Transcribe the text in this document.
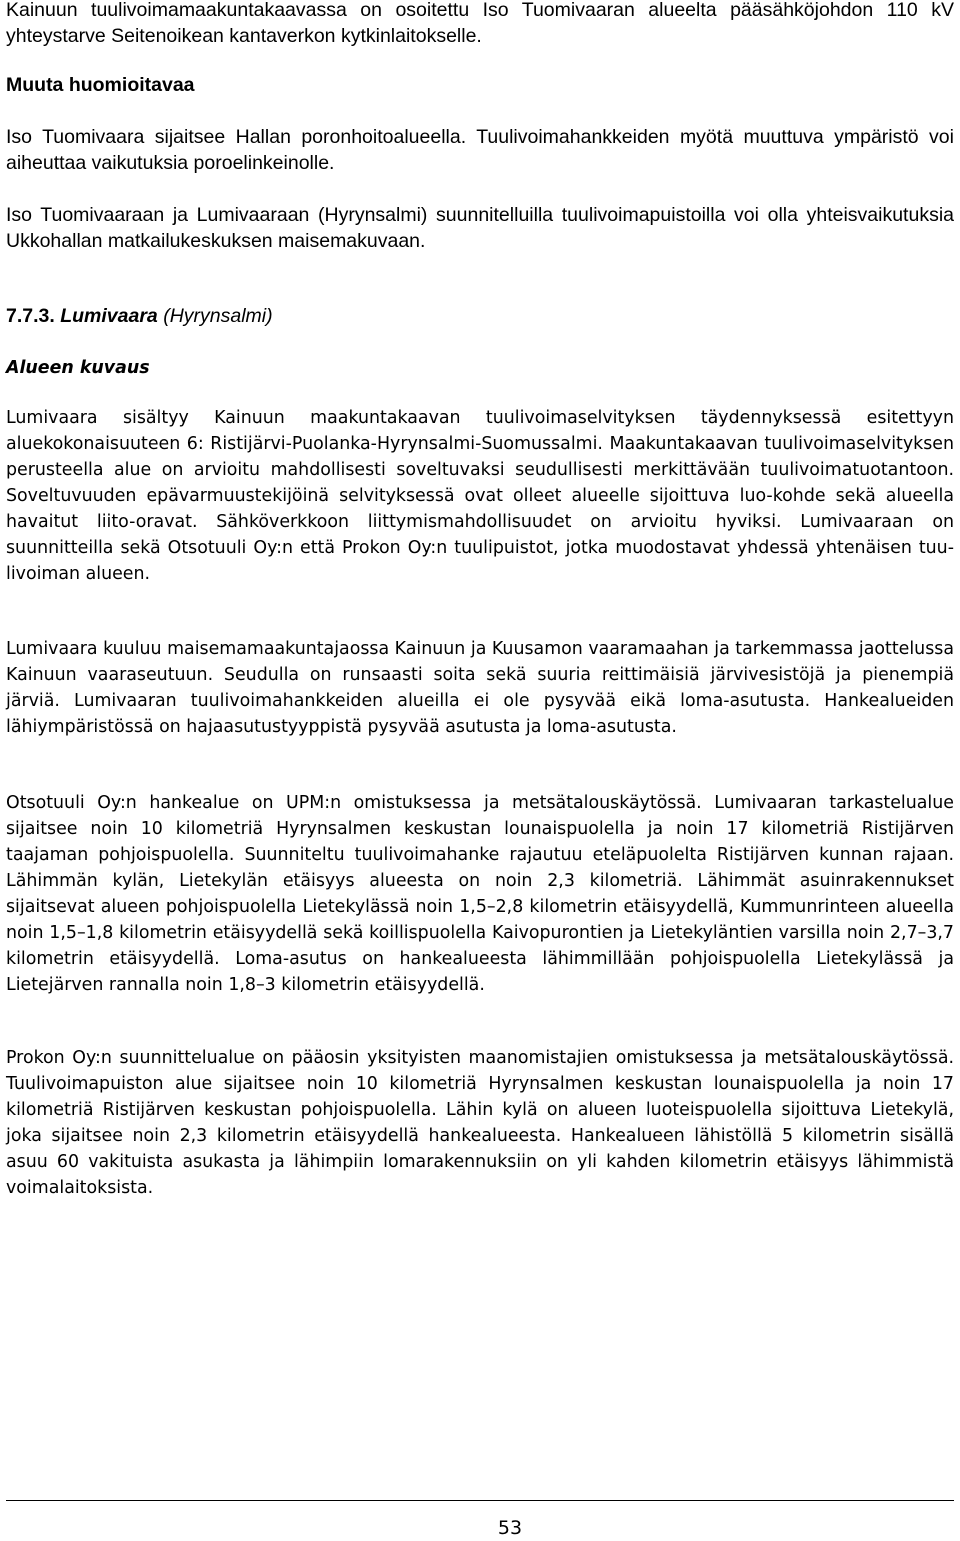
Kainuun tuulivoimamaakuntakaavassa on osoitettu Iso Tuomivaaran alueelta pääsähköjohdon 110 kV yhteystarve Seitenoikean kantaverkon kytkinlaitokselle.

Muuta huomioitavaa

Iso Tuomivaara sijaitsee Hallan poronhoitoalueella. Tuulivoimahankkeiden myötä muuttuva ympäristö voi aiheuttaa vaikutuksia poroelinkeinolle.

Iso Tuomivaaraan ja Lumivaaraan (Hyrynsalmi) suunnitelluilla tuulivoimapuistoilla voi olla yhteisvaikutuksia Ukkohallan matkailukeskuksen maisemakuvaan.

7.7.3. Lumivaara (Hyrynsalmi)

Alueen kuvaus

Lumivaara sisältyy Kainuun maakuntakaavan tuulivoimaselvityksen täydennyksessä esitettyyn aluekokonaisuuteen 6: Ristijärvi-Puolanka-Hyrynsalmi-Suomussalmi. Maakuntakaavan tuulivoimaselvityksen perusteella alue on arvioitu mahdollisesti soveltuvaksi seudullisesti merkittävään tuulivoimatuotantoon. Soveltuvuuden epävarmuustekijöinä selvityksessä ovat olleet alueelle sijoittuva luo-kohde sekä alueella havaitut liito-oravat. Sähköverkkoon liittymismahdollisuudet on arvioitu hyviksi. Lumivaaraan on suunnitteilla sekä Otsotuuli Oy:n että Prokon Oy:n tuulipuistot, jotka muodostavat yhdessä yhtenäisen tuulivoiman alueen.

Lumivaara kuuluu maisemamaakuntajaossa Kainuun ja Kuusamon vaaramaahan ja tarkemmassa jaottelussa Kainuun vaaraseutuun. Seudulla on runsaasti soita sekä suuria reittimäisiä järvivesistöjä ja pienempiä järviä. Lumivaaran tuulivoimahankkeiden alueilla ei ole pysyvää eikä loma-asutusta. Hankealueiden lähiympäristössä on hajaasutustyyppistä pysyvää asutusta ja loma-asutusta.

Otsotuuli Oy:n hankealue on UPM:n omistuksessa ja metsätalouskäytössä. Lumivaaran tarkastelualue sijaitsee noin 10 kilometriä Hyrynsalmen keskustan lounaispuolella ja noin 17 kilometriä Ristijärven taajaman pohjoispuolella. Suunniteltu tuulivoimahanke rajautuu eteläpuolelta Ristijärven kunnan rajaan. Lähimmän kylän, Lietekylän etäisyys alueesta on noin 2,3 kilometriä. Lähimmät asuinrakennukset sijaitsevat alueen pohjoispuolella Lietekylässä noin 1,5–2,8 kilometrin etäisyydellä, Kummunrinteen alueella noin 1,5–1,8 kilometrin etäisyydellä sekä koillispuolella Kaivopurontien ja Lietekyläntien varsilla noin 2,7–3,7 kilometrin etäisyydellä. Loma-asutus on hankealueesta lähimmillään pohjoispuolella Lietekylässä ja Lietejärven rannalla noin 1,8–3 kilometrin etäisyydellä.

Prokon Oy:n suunnittelualue on pääosin yksityisten maanomistajien omistuksessa ja metsätalouskäytössä. Tuulivoimapuiston alue sijaitsee noin 10 kilometriä Hyrynsalmen keskustan lounaispuolella ja noin 17 kilometriä Ristijärven keskustan pohjoispuolella. Lähin kylä on alueen luoteispuolella sijoittuva Lietekylä, joka sijaitsee noin 2,3 kilometrin etäisyydellä hankealueesta. Hankealueen lähistöllä 5 kilometrin sisällä asuu 60 vakituista asukasta ja lähimpiin lomarakennuksiin on yli kahden kilometrin etäisyys lähimmistä voimalaitoksista.

53
